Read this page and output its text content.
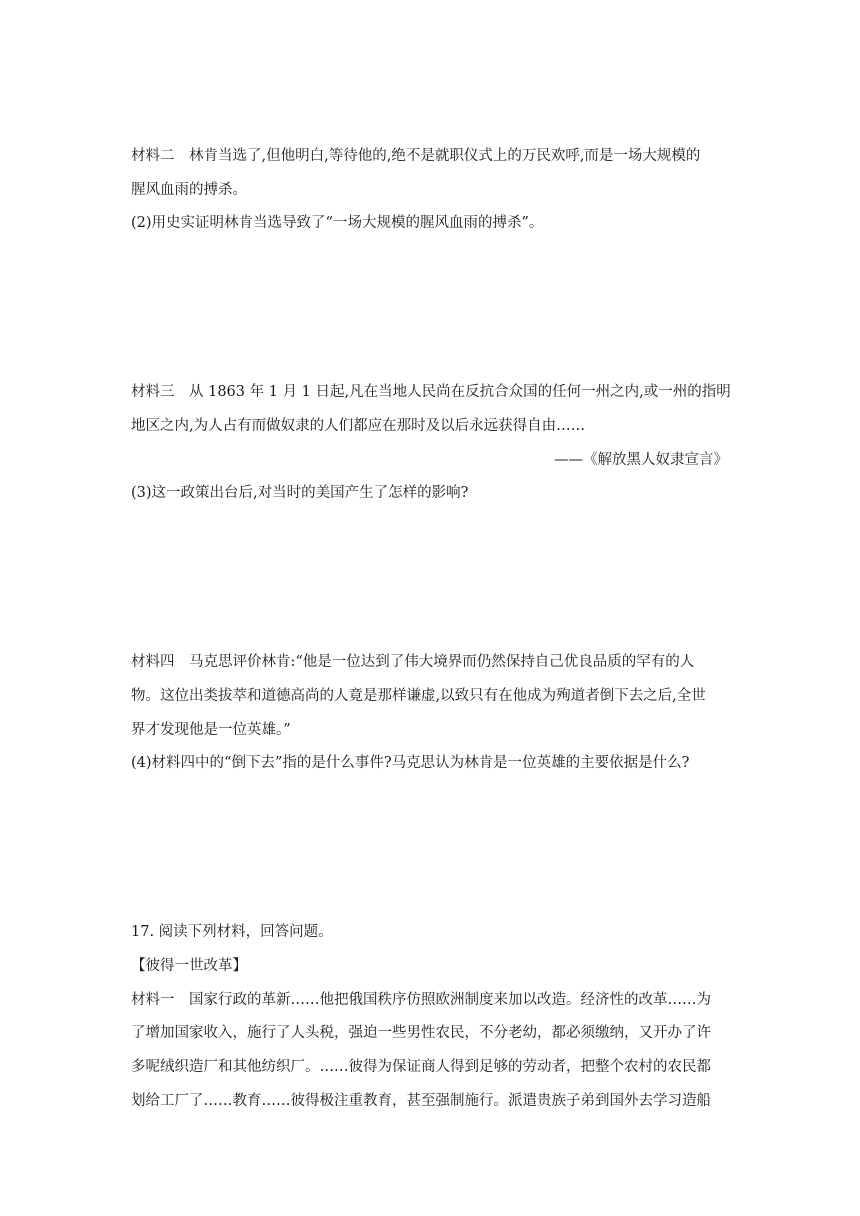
材料二　林肯当选了,但他明白,等待他的,绝不是就职仪式上的万民欢呼,而是一场大规模的
腥风血雨的搏杀。
(2)用史实证明林肯当选导致了“一场大规模的腥风血雨的搏杀”。
材料三　从 1863 年 1 月 1 日起,凡在当地人民尚在反抗合众国的任何一州之内,或一州的指明
地区之内,为人占有而做奴隶的人们都应在那时及以后永远获得自由……
——《解放黑人奴隶宣言》
(3)这一政策出台后,对当时的美国产生了怎样的影响?
材料四　马克思评价林肯:“他是一位达到了伟大境界而仍然保持自己优良品质的罕有的人
物。这位出类拔萃和道德高尚的人竟是那样谦虚,以致只有在他成为殉道者倒下去之后,全世
界才发现他是一位英雄。”
(4)材料四中的“倒下去”指的是什么事件?马克思认为林肯是一位英雄的主要依据是什么?
17. 阅读下列材料，回答问题。
【彼得一世改革】
材料一　国家行政的革新……他把俄国秩序仿照欧洲制度来加以改造。经济性的改革……为
了增加国家收入，施行了人头税，强迫一些男性农民，不分老幼，都必须缴纳，又开办了许
多呢绒织造厂和其他纺织厂。……彼得为保证商人得到足够的劳动者，把整个农村的农民都
划给工厂了……教育……彼得极注重教育，甚至强制施行。派遣贵族子弟到国外去学习造船
